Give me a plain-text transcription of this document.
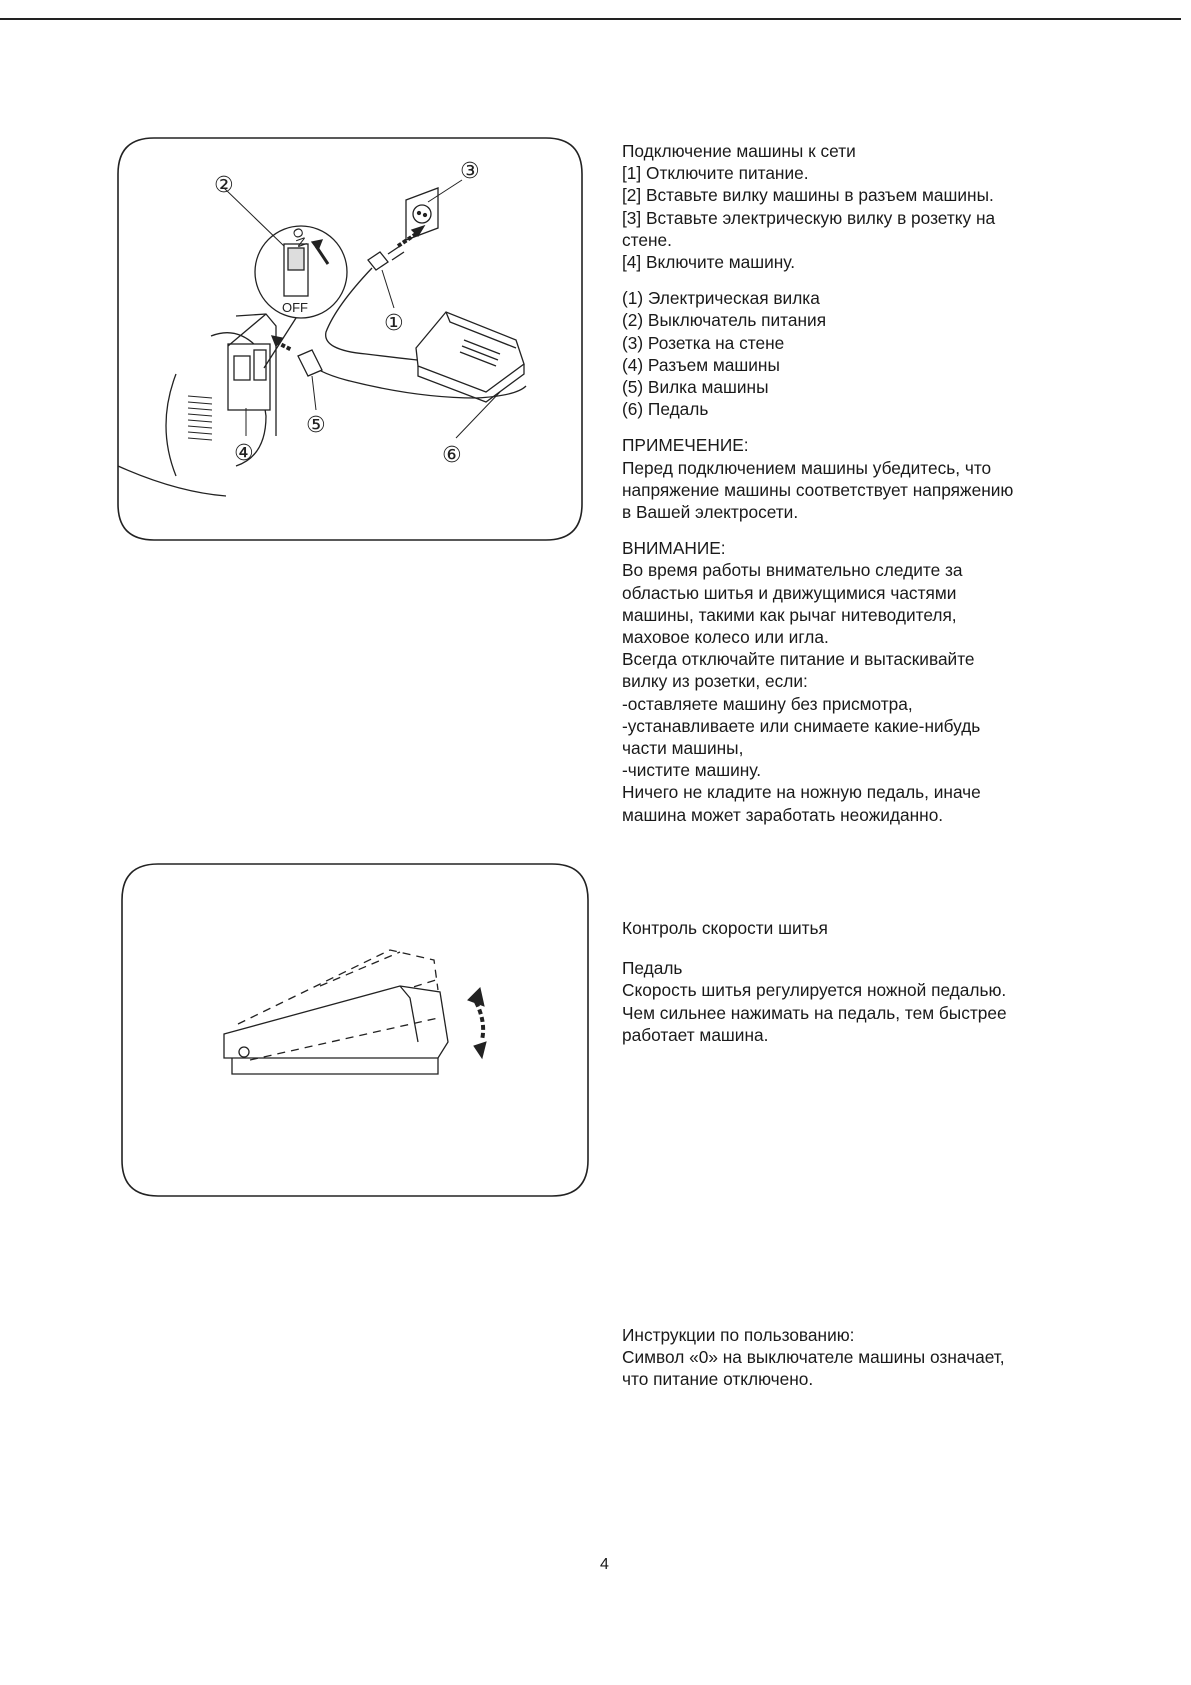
ON
OFF
②
③
①
⑤
④	⑥
Подключение машины к сети
[1] Отключите питание.
[2] Вставьте вилку машины в разъем машины.
[3] Вставьте электрическую вилку в розетку на
стене.
[4] Включите машину.
(1) Электрическая вилка
(2) Выключатель питания
(3) Розетка на стене
(4) Разъем машины
(5) Вилка машины
(6) Педаль
ПРИМЕЧЕНИЕ:
Перед подключением машины убедитесь, что
напряжение машины соответствует напряжению
в Вашей электросети.
ВНИМАНИЕ:
Во время работы внимательно следите за
областью шитья и движущимися частями
машины, такими как рычаг нитеводителя,
маховое колесо или игла.
Всегда отключайте питание и вытаскивайте
вилку из розетки, если:
-оставляете машину без присмотра,
-устанавливаете или снимаете какие-нибудь
части машины,
-чистите машину.
Ничего не кладите на ножную педаль, иначе
машина может заработать неожиданно.
Контроль скорости шитья
Педаль
Скорость шитья регулируется ножной педалью.
Чем сильнее нажимать на педаль, тем быстрее
работает машина.
Инструкции по пользованию:
Символ «0» на выключателе машины означает,
что питание отключено.
4
